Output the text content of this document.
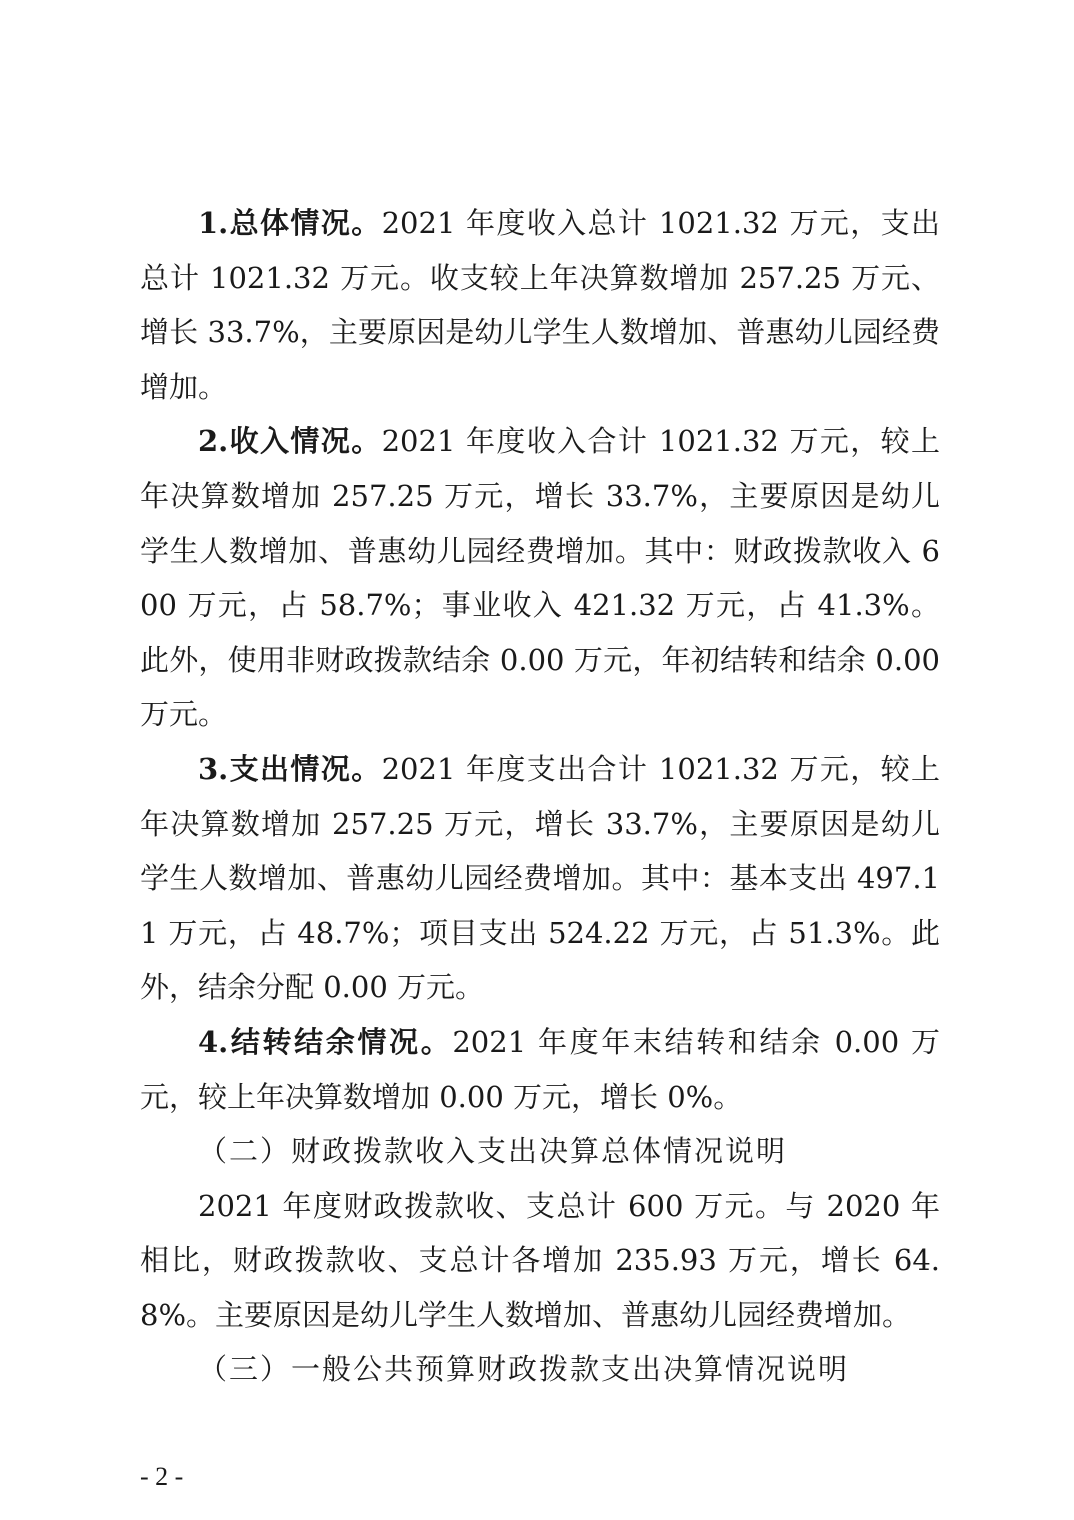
1.总体情况。2021 年度收入总计 1021.32 万元，支出总计 1021.32 万元。收支较上年决算数增加 257.25 万元、增长 33.7%，主要原因是幼儿学生人数增加、普惠幼儿园经费增加。

2.收入情况。2021 年度收入合计 1021.32 万元，较上年决算数增加 257.25 万元，增长 33.7%，主要原因是幼儿学生人数增加、普惠幼儿园经费增加。其中：财政拨款收入 600 万元，占 58.7%；事业收入 421.32 万元，占 41.3%。此外，使用非财政拨款结余 0.00 万元，年初结转和结余 0.00 万元。

3.支出情况。2021 年度支出合计 1021.32 万元，较上年决算数增加 257.25 万元，增长 33.7%，主要原因是幼儿学生人数增加、普惠幼儿园经费增加。其中：基本支出 497.11 万元，占 48.7%；项目支出 524.22 万元，占 51.3%。此外，结余分配 0.00 万元。

4.结转结余情况。2021 年度年末结转和结余 0.00 万元，较上年决算数增加 0.00 万元，增长 0%。

（二）财政拨款收入支出决算总体情况说明

2021 年度财政拨款收、支总计 600 万元。与 2020 年相比，财政拨款收、支总计各增加 235.93 万元，增长 64.8%。主要原因是幼儿学生人数增加、普惠幼儿园经费增加。

（三）一般公共预算财政拨款支出决算情况说明

- 2 -
